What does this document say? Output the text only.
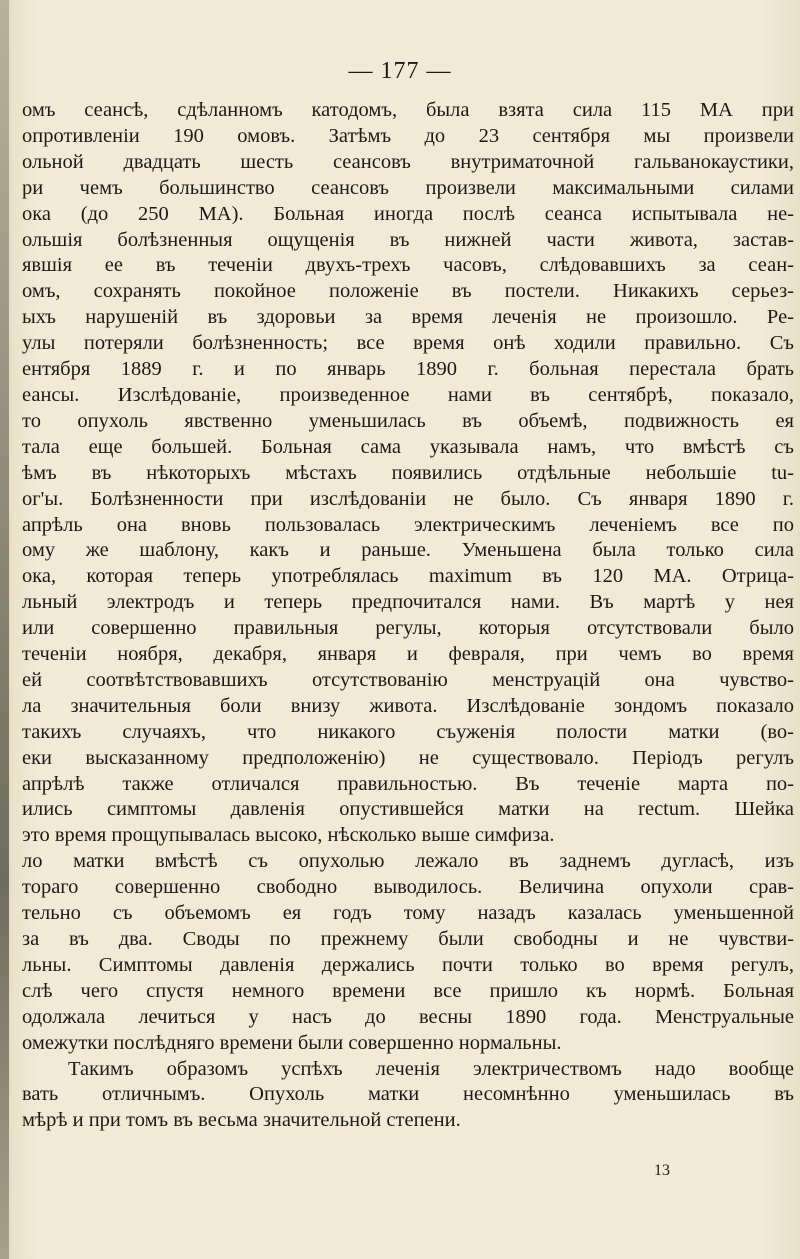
— 177 —
омъ сеансѣ, сдѣланномъ катодомъ, была взята сила 115 МА при
опротивленіи 190 омовъ. Затѣмъ до 23 сентября мы произвели
ольной двадцать шесть сеансовъ внутриматочной гальванокаустики,
ри чемъ большинство сеансовъ произвели максимальными силами
ока (до 250 МА). Больная иногда послѣ сеанса испытывала не-
ольшія болѣзненныя ощущенія въ нижней части живота, застав-
явшія ее въ теченіи двухъ-трехъ часовъ, слѣдовавшихъ за сеан-
омъ, сохранять покойное положеніе въ постели. Никакихъ серьез-
ыхъ нарушеній въ здоровьи за время леченія не произошло. Ре-
улы потеряли болѣзненность; все время онѣ ходили правильно. Съ
ентября 1889 г. и по январь 1890 г. больная перестала брать
еансы. Изслѣдованіе, произведенное нами въ сентябрѣ, показало,
то опухоль явственно уменьшилась въ объемѣ, подвижность ея
тала еще большей. Больная сама указывала намъ, что вмѣстѣ съ
ѣмъ въ нѣкоторыхъ мѣстахъ появились отдѣльные небольшіе tu-
ог'ы. Болѣзненности при изслѣдованіи не было. Съ января 1890 г.
апрѣль она вновь пользовалась электрическимъ леченіемъ все по
ому же шаблону, какъ и раньше. Уменьшена была только сила
ока, которая теперь употреблялась maximum въ 120 МА. Отрица-
льный электродъ и теперь предпочитался нами. Въ мартѣ у нея
или совершенно правильныя регулы, которыя отсутствовали было
теченіи ноября, декабря, января и февраля, при чемъ во время
ей соотвѣтствовавшихъ отсутствованію менструацій она чувство-
ла значительныя боли внизу живота. Изслѣдованіе зондомъ показало
такихъ случаяхъ, что никакого съуженія полости матки (во-
еки высказанному предположенію) не существовало. Періодъ регулъ
апрѣлѣ также отличался правильностью. Въ теченіе марта по-
ились симптомы давленія опустившейся матки на rectum. Шейка
это время прощупывалась высоко, нѣсколько выше симфиза.
ло матки вмѣстѣ съ опухолью лежало въ заднемъ дугласѣ, изъ
тораго совершенно свободно выводилось. Величина опухоли срав-
тельно съ объемомъ ея годъ тому назадъ казалась уменьшенной
за въ два. Своды по прежнему были свободны и не чувстви-
льны. Симптомы давленія держались почти только во время регулъ,
слѣ чего спустя немного времени все пришло къ нормѣ. Больная
одолжала лечиться у насъ до весны 1890 года. Менструальные
омежутки послѣдняго времени были совершенно нормальны.
Такимъ образомъ успѣхъ леченія электричествомъ надо вообще
вать отличнымъ. Опухоль матки несомнѣнно уменьшилась въ
мѣрѣ и при томъ въ весьма значительной степени.
13
